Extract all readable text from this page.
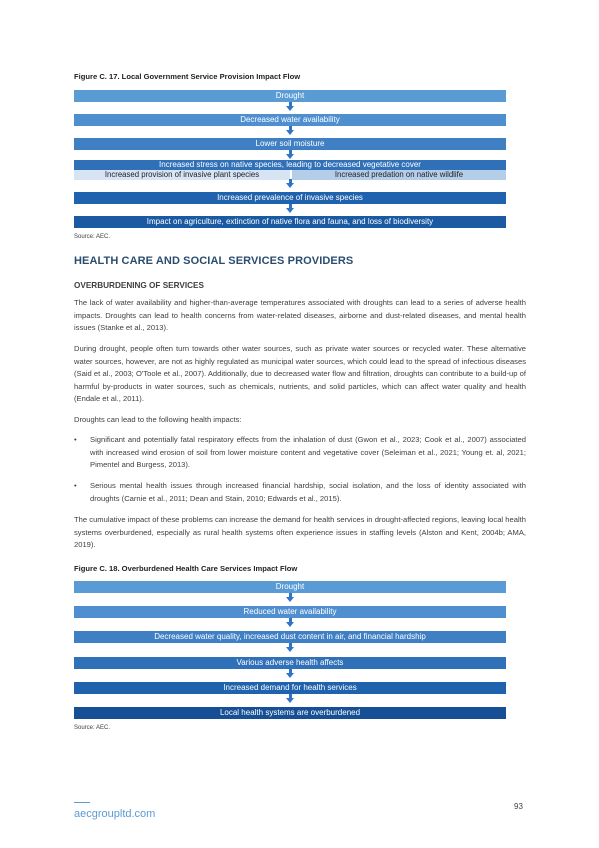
Figure C. 17. Local Government Service Provision Impact Flow
Drought
Decreased water availability
Lower soil moisture
Increased stress on native species, leading to decreased vegetative cover
Increased provision of invasive plant species	Increased predation on native wildlife
Increased prevalence of invasive species
Impact on agriculture, extinction of native flora and fauna, and loss of biodiversity
Source: AEC.
HEALTH CARE AND SOCIAL SERVICES PROVIDERS
OVERBURDENING OF SERVICES
The lack of water availability and higher-than-average temperatures associated with droughts can lead to a series of adverse health impacts. Droughts can lead to health concerns from water-related diseases, airborne and dust-related diseases, and mental health issues (Stanke et al., 2013).
During drought, people often turn towards other water sources, such as private water sources or recycled water. These alternative water sources, however, are not as highly regulated as municipal water sources, which could lead to the spread of infectious diseases (Said et al., 2003; O'Toole et al., 2007). Additionally, due to decreased water flow and filtration, droughts can contribute to a build-up of harmful by-products in water sources, such as chemicals, nutrients, and solid particles, which can affect water quality and health (Endale et al., 2011).
Droughts can lead to the following health impacts:
• Significant and potentially fatal respiratory effects from the inhalation of dust (Gwon et al., 2023; Cook et al., 2007) associated with increased wind erosion of soil from lower moisture content and vegetative cover (Seleiman et al., 2021; Young et. al, 2021; Pimentel and Burgess, 2013).
• Serious mental health issues through increased financial hardship, social isolation, and the loss of identity associated with droughts (Carnie et al., 2011; Dean and Stain, 2010; Edwards et al., 2015).
The cumulative impact of these problems can increase the demand for health services in drought-affected regions, leaving local health systems overburdened, especially as rural health systems often experience issues in staffing levels (Alston and Kent, 2004b; AMA, 2019).
Figure C. 18. Overburdened Health Care Services Impact Flow
Drought
Reduced water availability
Decreased water quality, increased dust content in air, and financial hardship
Various adverse health affects
Increased demand for health services
Local health systems are overburdened
Source: AEC.
aecgroupltd.com
93
